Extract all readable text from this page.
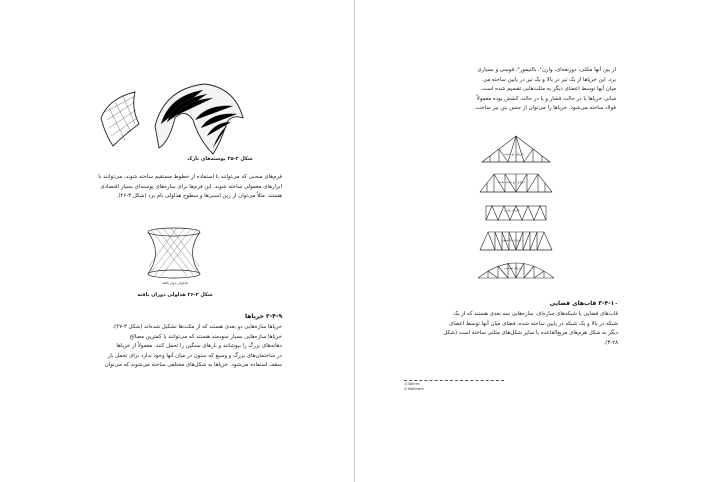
شکل ۳-۲۵ پوسته‌های نازک
فرم‌های منحنی که می‌توانند با استفاده از خطوط مستقیم ساخته شوند، می‌توانند با
ابزارهای معمولی ساخته شوند. این فرم‌ها برای سازه‌های پوسته‌ای بسیار اقتصادی
هستند. مثلاً می‌توان از زین اسبی‌ها و سطوح هذلولی نام برد (شکل ۳-۲۶).
هذلولی دوار یافته
شکل ۳-۲۶ هذلولی دوران یافته
۳-۴-۹ خرپاها
خرپاها سازه‌هایی دو بعدی هستند که از مثلث‌ها تشکیل شده‌اند (شکل ۳-۲۷).
خرپاها سازه‌هایی بسیار سودمند هستند که می‌توانند با کمترین مصالح
دهانه‌های بزرگ را بپوشانند و بارهای سنگین را تحمل کنند. معمولاً از خرپاها
در ساختمان‌های بزرگ و وسیع که ستون در میان آنها وجود ندارد برای تحمل بار
سقف استفاده می‌شود. خرپاها به شکل‌های مختلفی ساخته می‌شوند که می‌توان
از بین آنها مثلثی، دوزنقه‌ای، وارن¹، بالتیمور²، قوسی و بسیاری
برد. این خرپاها از یک تیر در بالا و یک تیر در پایین ساخته می
میان آنها توسط اعضای دیگر به مثلث‌هایی تقسیم شده است.
مبانی خرپاها یا در حالت فشار و یا در حالت کشش بوده معمولاً
فولاد ساخته می‌شود. خرپاها را می‌توان از جنس بتن نیز ساخت.
خرپای دو شیبه
خرپای دو شیبه تخت
خرپای وارن
خرپای بالتیمور
خرپای قوسی
۳-۴-۱۰ قاب‌های فضایی
قاب‌های فضایی یا شبکه‌های سازه‌ای، سازه‌هایی سه بعدی هستند که از یک
شبکه در بالا و یک شبکه در پایین ساخته شده، فضای میان آنها توسط اعضای
دیگر به شکل هرم‌های مربع‌القاعده یا سایر شکل‌های مثلثی ساخته است (شکل
۳-۲۸).
1) Warren
2) Baltimore
